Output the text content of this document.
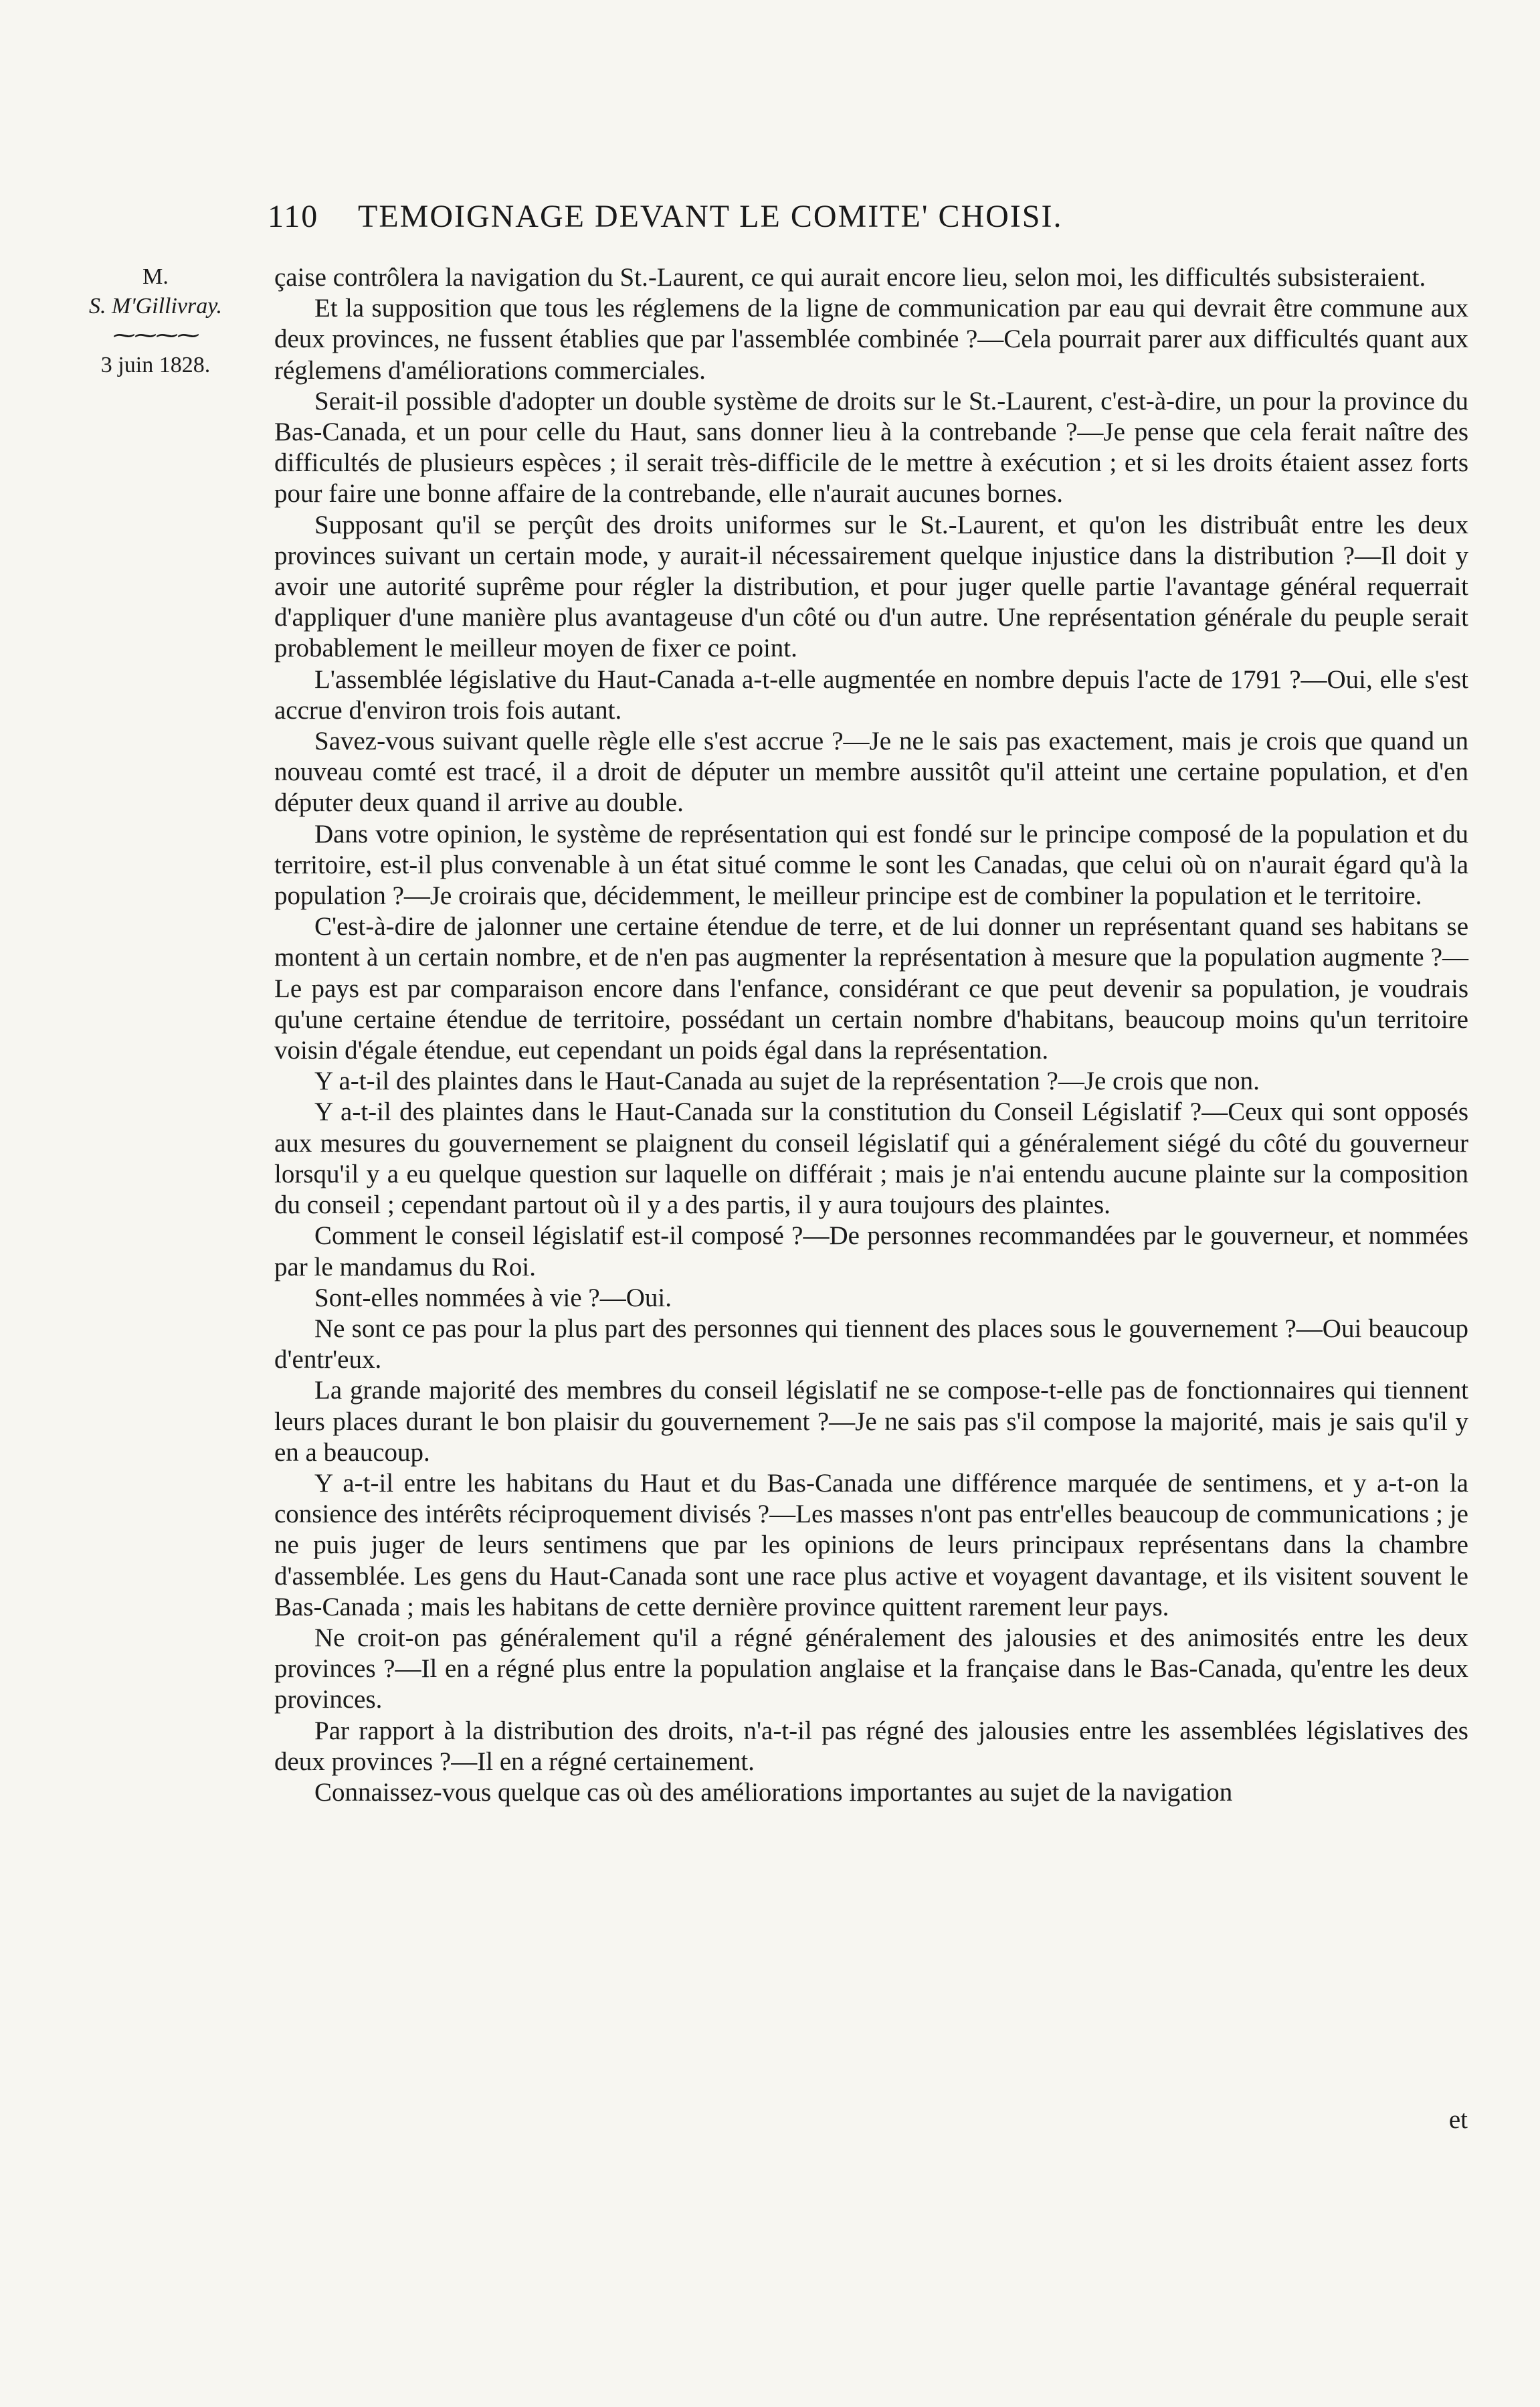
110 TEMOIGNAGE DEVANT LE COMITE' CHOISI.
M.
S. M'Gillivray.
⁓⁓⁓⁓
3 juin 1828.

çaise contrôlera la navigation du St.-Laurent, ce qui aurait encore lieu, selon moi, les difficultés subsisteraient.

Et la supposition que tous les réglemens de la ligne de communication par eau qui devrait être commune aux deux provinces, ne fussent établies que par l'assemblée combinée ?—Cela pourrait parer aux difficultés quant aux réglemens d'améliorations commerciales.

Serait-il possible d'adopter un double système de droits sur le St.-Laurent, c'est-à-dire, un pour la province du Bas-Canada, et un pour celle du Haut, sans donner lieu à la contrebande ?—Je pense que cela ferait naître des difficultés de plusieurs espèces ; il serait très-difficile de le mettre à exécution ; et si les droits étaient assez forts pour faire une bonne affaire de la contrebande, elle n'aurait aucunes bornes.

Supposant qu'il se perçût des droits uniformes sur le St.-Laurent, et qu'on les distribuât entre les deux provinces suivant un certain mode, y aurait-il nécessairement quelque injustice dans la distribution ?—Il doit y avoir une autorité suprême pour régler la distribution, et pour juger quelle partie l'avantage général requerrait d'appliquer d'une manière plus avantageuse d'un côté ou d'un autre. Une représentation générale du peuple serait probablement le meilleur moyen de fixer ce point.

L'assemblée législative du Haut-Canada a-t-elle augmentée en nombre depuis l'acte de 1791 ?—Oui, elle s'est accrue d'environ trois fois autant.

Savez-vous suivant quelle règle elle s'est accrue ?—Je ne le sais pas exactement, mais je crois que quand un nouveau comté est tracé, il a droit de députer un membre aussitôt qu'il atteint une certaine population, et d'en députer deux quand il arrive au double.

Dans votre opinion, le système de représentation qui est fondé sur le principe composé de la population et du territoire, est-il plus convenable à un état situé comme le sont les Canadas, que celui où on n'aurait égard qu'à la population ?—Je croirais que, décidemment, le meilleur principe est de combiner la population et le territoire.

C'est-à-dire de jalonner une certaine étendue de terre, et de lui donner un représentant quand ses habitans se montent à un certain nombre, et de n'en pas augmenter la représentation à mesure que la population augmente ?—Le pays est par comparaison encore dans l'enfance, considérant ce que peut devenir sa population, je voudrais qu'une certaine étendue de territoire, possédant un certain nombre d'habitans, beaucoup moins qu'un territoire voisin d'égale étendue, eut cependant un poids égal dans la représentation.

Y a-t-il des plaintes dans le Haut-Canada au sujet de la représentation ?—Je crois que non.

Y a-t-il des plaintes dans le Haut-Canada sur la constitution du Conseil Législatif ?—Ceux qui sont opposés aux mesures du gouvernement se plaignent du conseil législatif qui a généralement siégé du côté du gouverneur lorsqu'il y a eu quelque question sur laquelle on différait ; mais je n'ai entendu aucune plainte sur la composition du conseil ; cependant partout où il y a des partis, il y aura toujours des plaintes.

Comment le conseil législatif est-il composé ?—De personnes recommandées par le gouverneur, et nommées par le mandamus du Roi.

Sont-elles nommées à vie ?—Oui.

Ne sont ce pas pour la plus part des personnes qui tiennent des places sous le gouvernement ?—Oui beaucoup d'entr'eux.

La grande majorité des membres du conseil législatif ne se compose-t-elle pas de fonctionnaires qui tiennent leurs places durant le bon plaisir du gouvernement ?—Je ne sais pas s'il compose la majorité, mais je sais qu'il y en a beaucoup.

Y a-t-il entre les habitans du Haut et du Bas-Canada une différence marquée de sentimens, et y a-t-on la consience des intérêts réciproquement divisés ?—Les masses n'ont pas entr'elles beaucoup de communications ; je ne puis juger de leurs sentimens que par les opinions de leurs principaux représentans dans la chambre d'assemblée. Les gens du Haut-Canada sont une race plus active et voyagent davantage, et ils visitent souvent le Bas-Canada ; mais les habitans de cette dernière province quittent rarement leur pays.

Ne croit-on pas généralement qu'il a régné généralement des jalousies et des animosités entre les deux provinces ?—Il en a régné plus entre la population anglaise et la française dans le Bas-Canada, qu'entre les deux provinces.

Par rapport à la distribution des droits, n'a-t-il pas régné des jalousies entre les assemblées législatives des deux provinces ?—Il en a régné certainement.

Connaissez-vous quelque cas où des améliorations importantes au sujet de la navigation

et
